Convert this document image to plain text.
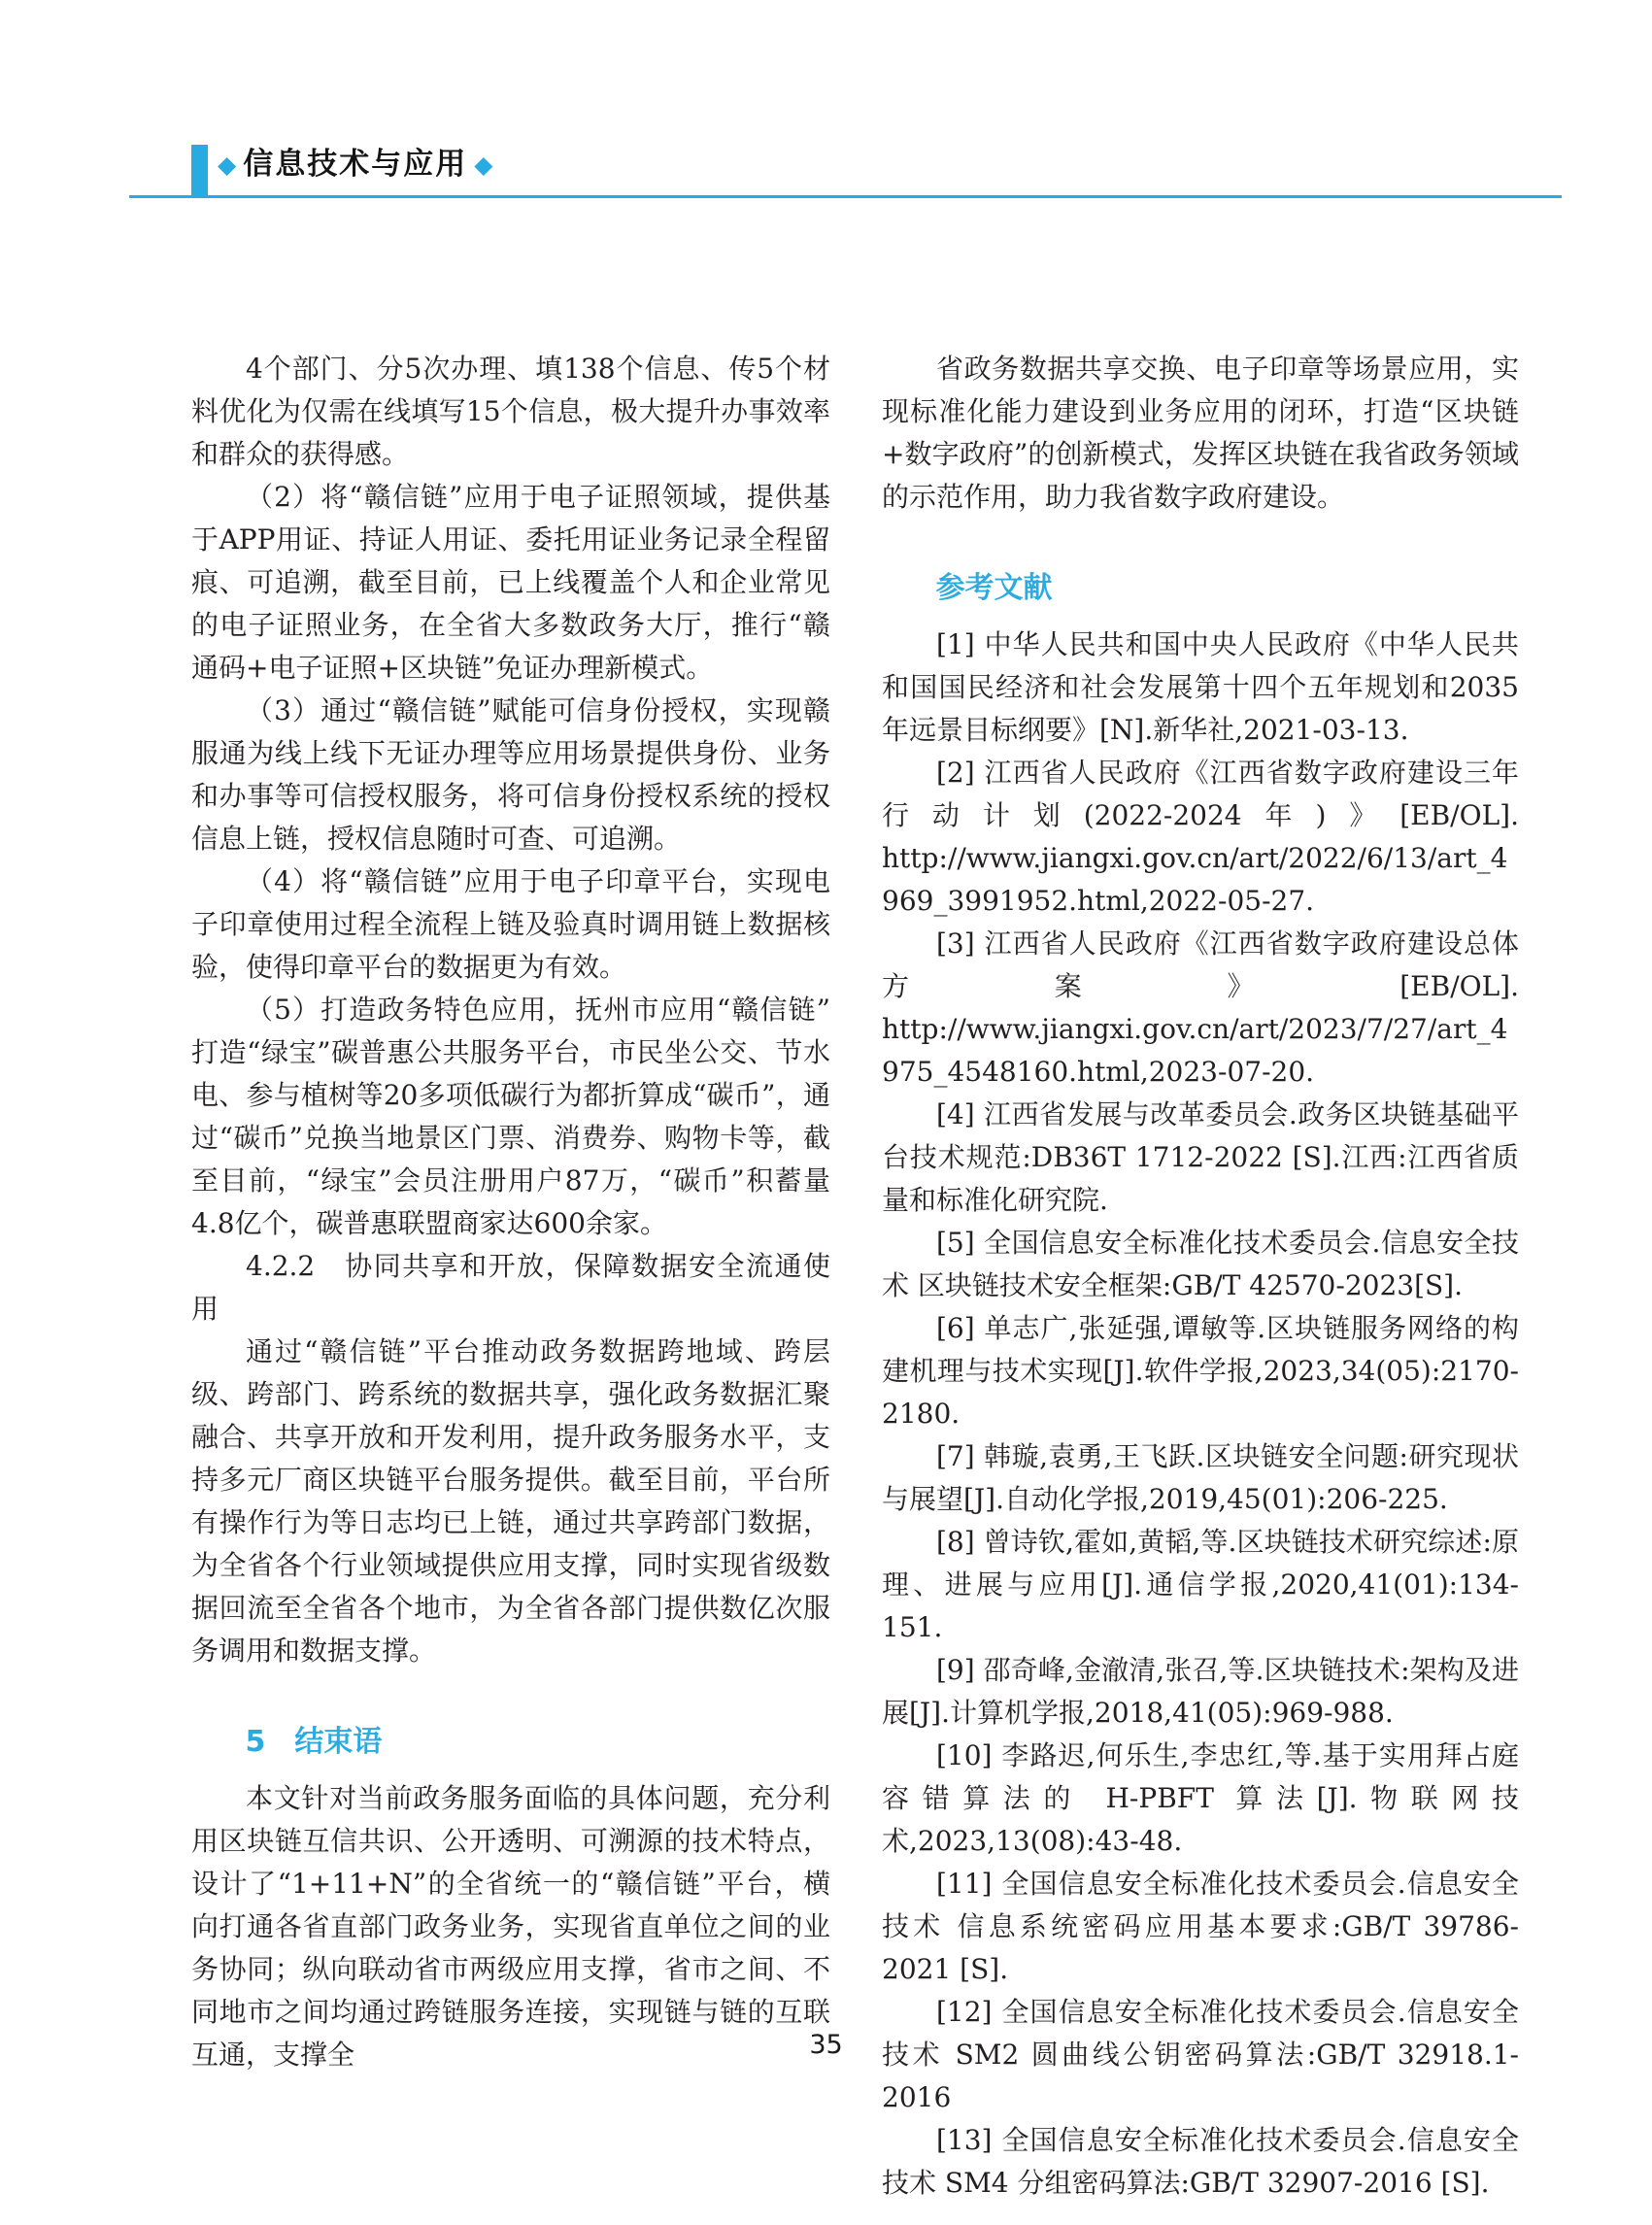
◆ 信息技术与应用 ◆
4个部门、分5次办理、填138个信息、传5个材料优化为仅需在线填写15个信息，极大提升办事效率和群众的获得感。
（2）将“赣信链”应用于电子证照领域，提供基于APP用证、持证人用证、委托用证业务记录全程留痕、可追溯，截至目前，已上线覆盖个人和企业常见的电子证照业务，在全省大多数政务大厅，推行“赣通码+电子证照+区块链”免证办理新模式。
（3）通过“赣信链”赋能可信身份授权，实现赣服通为线上线下无证办理等应用场景提供身份、业务和办事等可信授权服务，将可信身份授权系统的授权信息上链，授权信息随时可查、可追溯。
（4）将“赣信链”应用于电子印章平台，实现电子印章使用过程全流程上链及验真时调用链上数据核验，使得印章平台的数据更为有效。
（5）打造政务特色应用，抚州市应用“赣信链”打造“绿宝”碳普惠公共服务平台，市民坐公交、节水电、参与植树等20多项低碳行为都折算成“碳币”，通过“碳币”兑换当地景区门票、消费券、购物卡等，截至目前，“绿宝”会员注册用户87万，“碳币”积蓄量4.8亿个，碳普惠联盟商家达600余家。
4.2.2　协同共享和开放，保障数据安全流通使用
通过“赣信链”平台推动政务数据跨地域、跨层级、跨部门、跨系统的数据共享，强化政务数据汇聚融合、共享开放和开发利用，提升政务服务水平，支持多元厂商区块链平台服务提供。截至目前，平台所有操作行为等日志均已上链，通过共享跨部门数据，为全省各个行业领域提供应用支撑，同时实现省级数据回流至全省各个地市，为全省各部门提供数亿次服务调用和数据支撑。
5　结束语
本文针对当前政务服务面临的具体问题，充分利用区块链互信共识、公开透明、可溯源的技术特点，设计了“1+11+N”的全省统一的“赣信链”平台，横向打通各省直部门政务业务，实现省直单位之间的业务协同；纵向联动省市两级应用支撑，省市之间、不同地市之间均通过跨链服务连接，实现链与链的互联互通，支撑全
省政务数据共享交换、电子印章等场景应用，实现标准化能力建设到业务应用的闭环，打造“区块链+数字政府”的创新模式，发挥区块链在我省政务领域的示范作用，助力我省数字政府建设。
参考文献
[1] 中华人民共和国中央人民政府《中华人民共和国国民经济和社会发展第十四个五年规划和2035年远景目标纲要》[N].新华社,2021-03-13.
[2] 江西省人民政府《江西省数字政府建设三年行动计划(2022-2024年)》[EB/OL]. http://www.jiangxi.gov.cn/art/2022/6/13/art_4969_3991952.html,2022-05-27.
[3] 江西省人民政府《江西省数字政府建设总体方案》[EB/OL]. http://www.jiangxi.gov.cn/art/2023/7/27/art_4975_4548160.html,2023-07-20.
[4] 江西省发展与改革委员会.政务区块链基础平台技术规范:DB36T 1712-2022 [S].江西:江西省质量和标准化研究院.
[5] 全国信息安全标准化技术委员会.信息安全技术 区块链技术安全框架:GB/T 42570-2023[S].
[6] 单志广,张延强,谭敏等.区块链服务网络的构建机理与技术实现[J].软件学报,2023,34(05):2170-2180.
[7] 韩璇,袁勇,王飞跃.区块链安全问题:研究现状与展望[J].自动化学报,2019,45(01):206-225.
[8] 曾诗钦,霍如,黄韬,等.区块链技术研究综述:原理、进展与应用[J].通信学报,2020,41(01):134-151.
[9] 邵奇峰,金澈清,张召,等.区块链技术:架构及进展[J].计算机学报,2018,41(05):969-988.
[10] 李路迟,何乐生,李忠红,等.基于实用拜占庭容错算法的 H-PBFT 算法[J].物联网技术,2023,13(08):43-48.
[11] 全国信息安全标准化技术委员会.信息安全技术 信息系统密码应用基本要求:GB/T 39786-2021 [S].
[12] 全国信息安全标准化技术委员会.信息安全技术 SM2 圆曲线公钥密码算法:GB/T 32918.1-2016
[13] 全国信息安全标准化技术委员会.信息安全技术 SM4 分组密码算法:GB/T 32907-2016 [S].
35
